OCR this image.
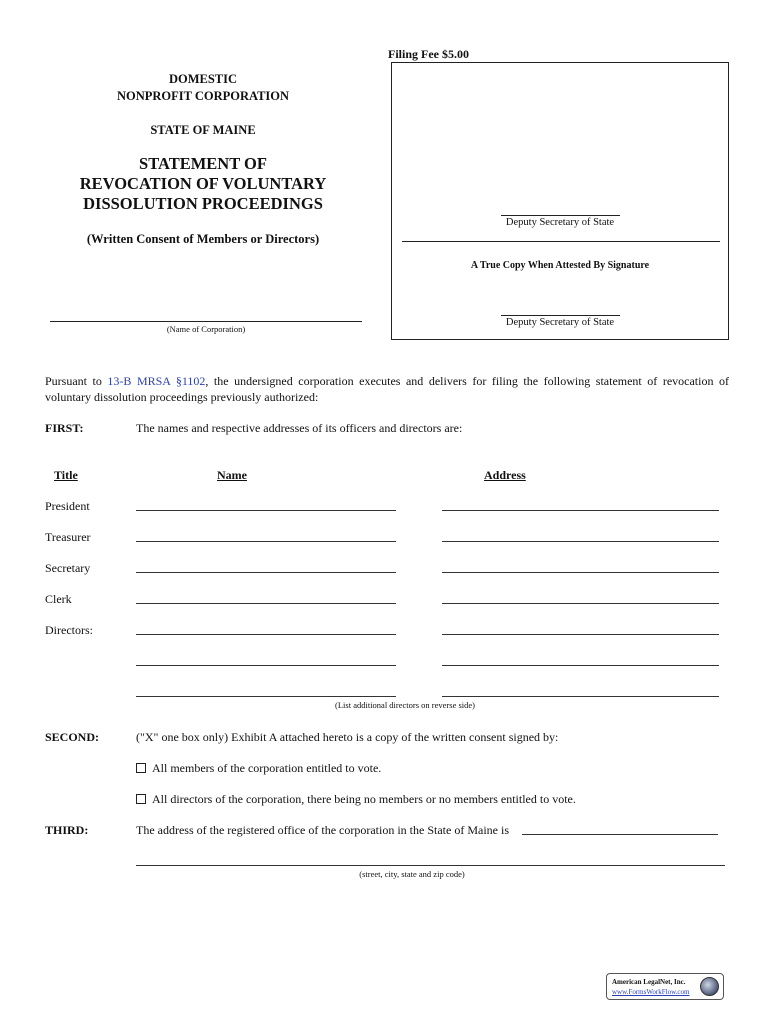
Filing Fee $5.00
DOMESTIC
NONPROFIT CORPORATION
STATE OF MAINE
STATEMENT OF
REVOCATION OF VOLUNTARY
DISSOLUTION PROCEEDINGS
(Written Consent of Members or Directors)
(Name of Corporation)
Deputy Secretary of State
A True Copy When Attested By Signature
Deputy Secretary of State
Pursuant to 13-B MRSA §1102, the undersigned corporation executes and delivers for filing the following statement of revocation of voluntary dissolution proceedings previously authorized:
FIRST:	The names and respective addresses of its officers and directors are:
Title	Name	Address
President
Treasurer
Secretary
Clerk
Directors:
(List additional directors on reverse side)
SECOND:	("X" one box only) Exhibit A attached hereto is a copy of the written consent signed by:
All members of the corporation entitled to vote.
All directors of the corporation, there being no members or no members entitled to vote.
THIRD:	The address of the registered office of the corporation in the State of Maine is
(street, city, state and zip code)
American LegalNet, Inc.
www.FormsWorkFlow.com
